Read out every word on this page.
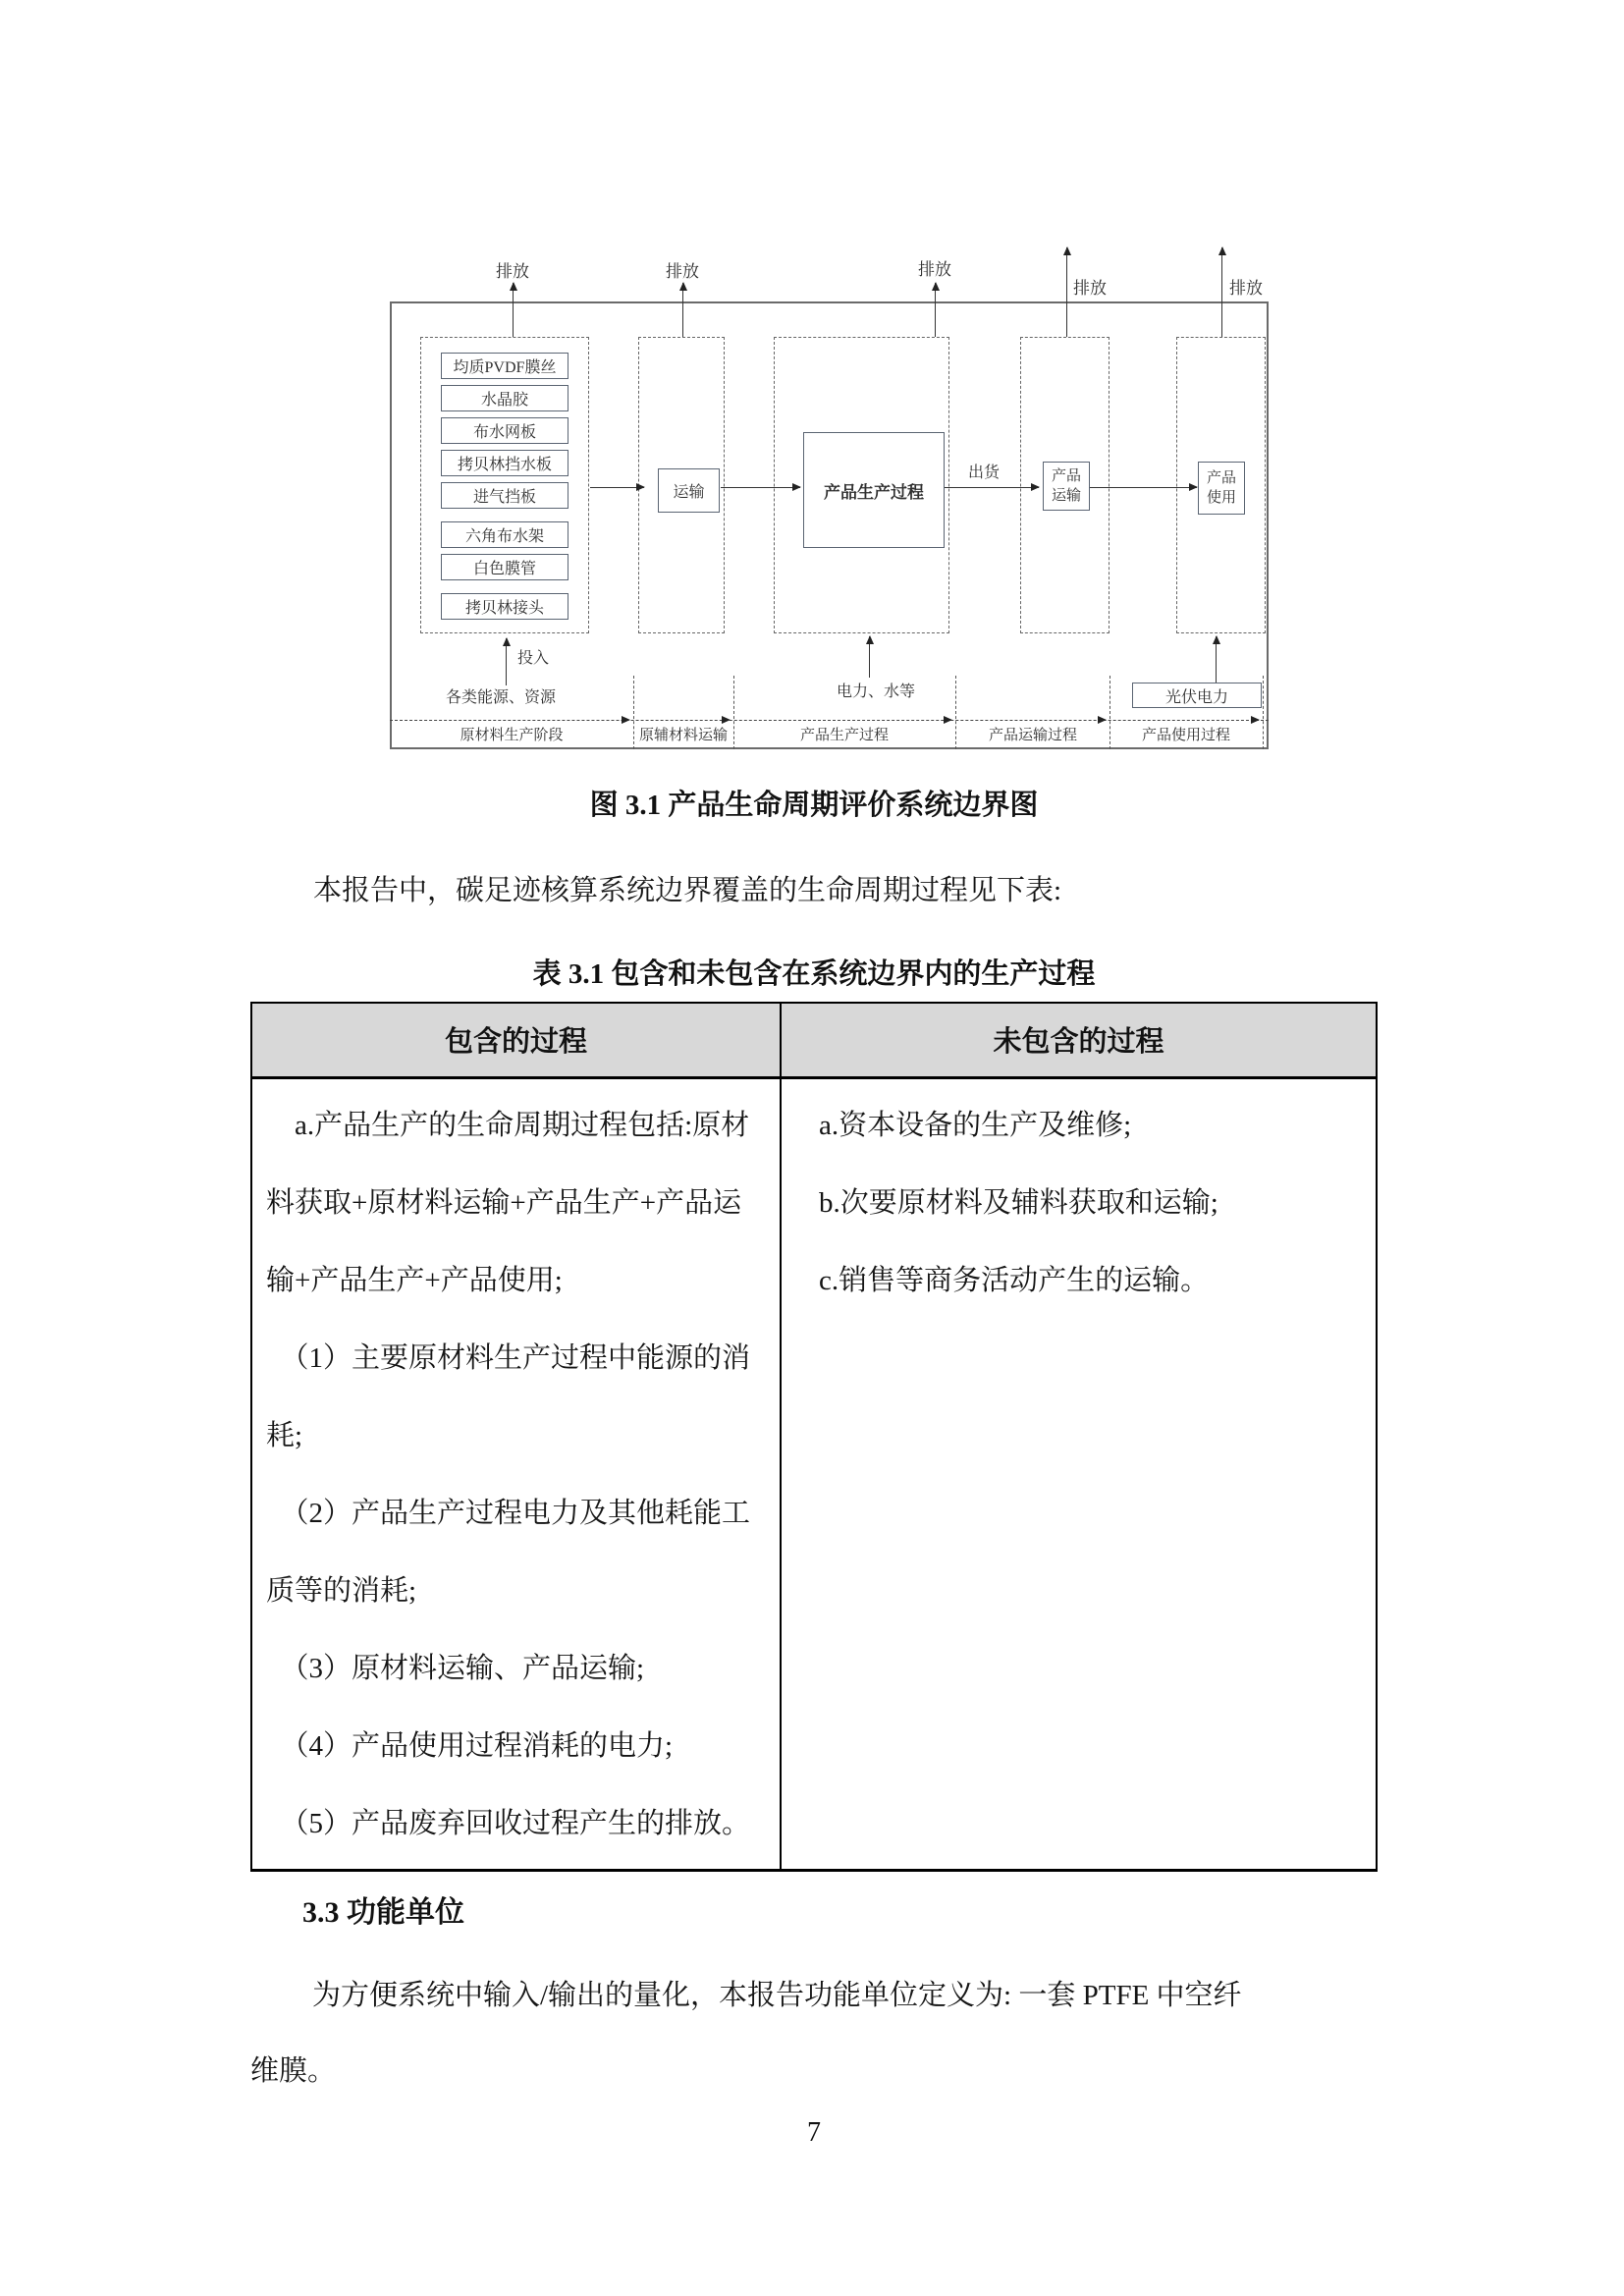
排放	排放	排放
排放	排放
均质PVDF膜丝
水晶胶
布水网板
拷贝林挡水板
进气挡板
六角布水架
白色膜管
拷贝林接头
运输	产品生产过程
产品运输
产品使用
光伏电力
出货
投入
各类能源、资源	电力、水等
原材料生产阶段	原辅材料运输	产品生产过程	产品运输过程	产品使用过程
图 3.1 产品生命周期评价系统边界图
本报告中，碳足迹核算系统边界覆盖的生命周期过程见下表:
表 3.1 包含和未包含在系统边界内的生产过程
包含的过程	未包含的过程

　a.产品生产的生命周期过程包括:原材
料获取+原材料运输+产品生产+产品运
输+产品生产+产品使用;
　（1）主要原材料生产过程中能源的消
耗;
　（2）产品生产过程电力及其他耗能工
质等的消耗;
　（3）原材料运输、产品运输;
　（4）产品使用过程消耗的电力;
　（5）产品废弃回收过程产生的排放。

a.资本设备的生产及维修;
b.次要原材料及辅料获取和运输;
c.销售等商务活动产生的运输。
3.3 功能单位
为方便系统中输入/输出的量化，本报告功能单位定义为: 一套 PTFE 中空纤
维膜。
7
